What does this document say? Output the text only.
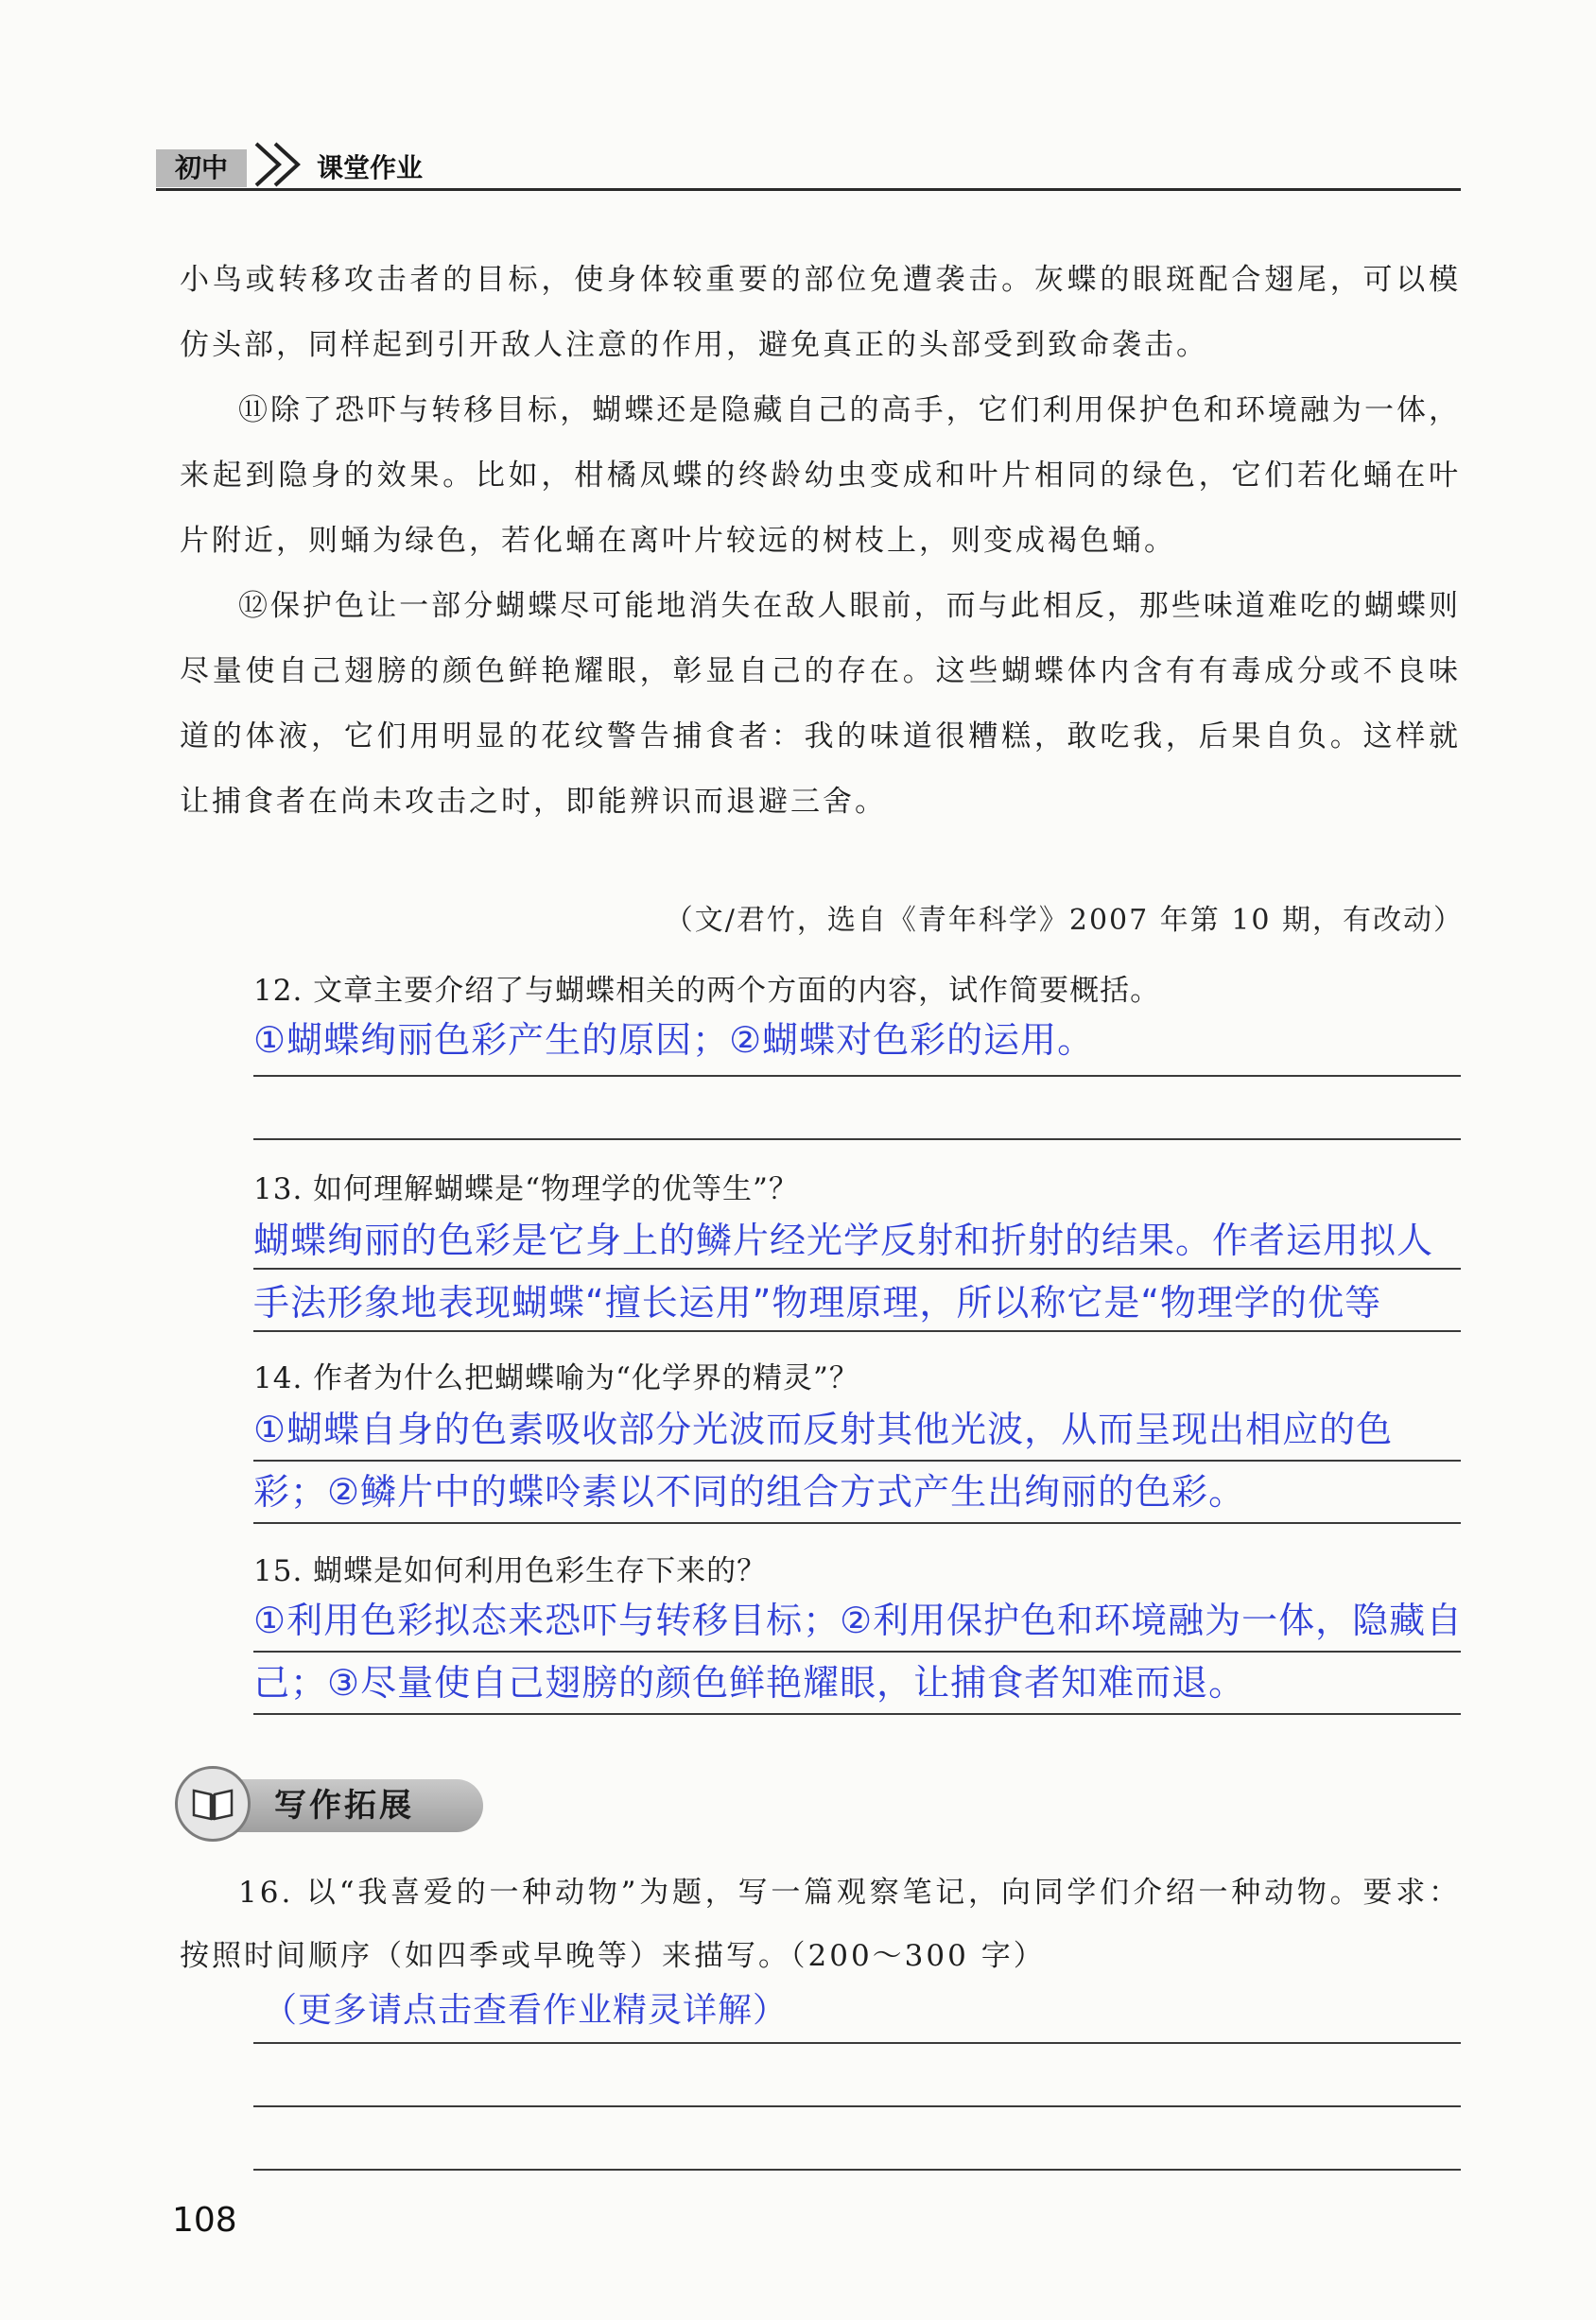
初中	课堂作业

小鸟或转移攻击者的目标，使身体较重要的部位免遭袭击。灰蝶的眼斑配合翅尾，可以模仿头部，同样起到引开敌人注意的作用，避免真正的头部受到致命袭击。

⑪除了恐吓与转移目标，蝴蝶还是隐藏自己的高手，它们利用保护色和环境融为一体，来起到隐身的效果。比如，柑橘凤蝶的终龄幼虫变成和叶片相同的绿色，它们若化蛹在叶片附近，则蛹为绿色，若化蛹在离叶片较远的树枝上，则变成褐色蛹。

⑫保护色让一部分蝴蝶尽可能地消失在敌人眼前，而与此相反，那些味道难吃的蝴蝶则尽量使自己翅膀的颜色鲜艳耀眼，彰显自己的存在。这些蝴蝶体内含有有毒成分或不良味道的体液，它们用明显的花纹警告捕食者：我的味道很糟糕，敢吃我，后果自负。这样就让捕食者在尚未攻击之时，即能辨识而退避三舍。

（文/君竹，选自《青年科学》2007 年第 10 期，有改动）

12. 文章主要介绍了与蝴蝶相关的两个方面的内容，试作简要概括。

①蝴蝶绚丽色彩产生的原因；②蝴蝶对色彩的运用。

13. 如何理解蝴蝶是“物理学的优等生”？

蝴蝶绚丽的色彩是它身上的鳞片经光学反射和折射的结果。作者运用拟人手法形象地表现蝴蝶“擅长运用”物理原理，所以称它是“物理学的优等

14. 作者为什么把蝴蝶喻为“化学界的精灵”？

①蝴蝶自身的色素吸收部分光波而反射其他光波，从而呈现出相应的色彩；②鳞片中的蝶呤素以不同的组合方式产生出绚丽的色彩。

15. 蝴蝶是如何利用色彩生存下来的？

①利用色彩拟态来恐吓与转移目标；②利用保护色和环境融为一体，隐藏自己；③尽量使自己翅膀的颜色鲜艳耀眼，让捕食者知难而退。

写作拓展

16. 以“我喜爱的一种动物”为题，写一篇观察笔记，向同学们介绍一种动物。要求：按照时间顺序（如四季或早晚等）来描写。（200～300 字）

（更多请点击查看作业精灵详解）

108
